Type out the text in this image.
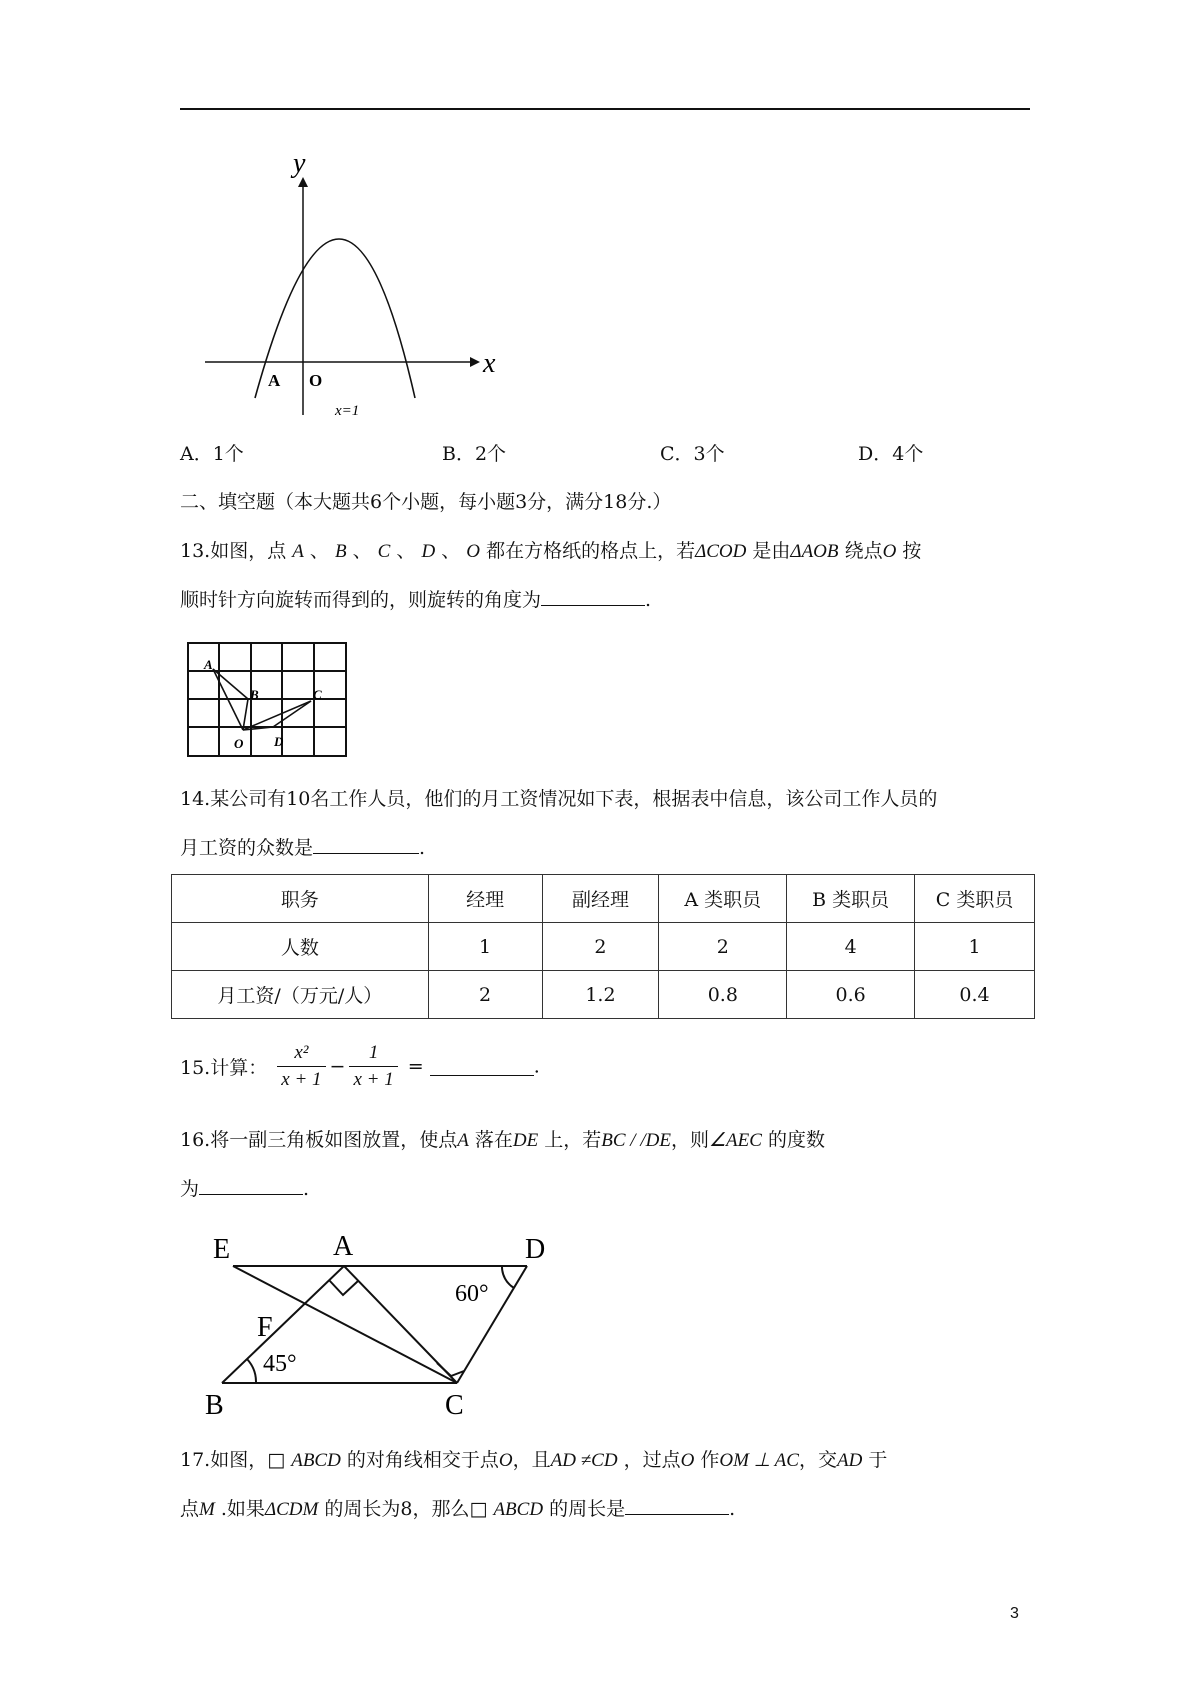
y
x
A O
x=1
A．1个	B．2个	C．3个	D．4个
二、填空题（本大题共6个小题，每小题3分，满分18分.）
13.如图，点 A 、 B 、 C 、 D 、 O 都在方格纸的格点上，若ΔCOD 是由ΔAOB 绕点O 按
顺时针方向旋转而得到的，则旋转的角度为	.
A
B	C
O D
14.某公司有10名工作人员，他们的月工资情况如下表，根据表中信息，该公司工作人员的
月工资的众数是	.
职务	经理	副经理	A 类职员	B 类职员	C 类职员
人数	1	2	2	4	1
月工资/（万元/人）	2	1.2	0.8	0.6	0.4
15.计算： $\frac{\text{x²}}{x + 1} - \frac{1}{x + 1}$ =	.
16.将一副三角板如图放置，使点A 落在DE 上，若BC / /DE，则∠AEC 的度数
为	.
E	A	D
F
B	C
60°
45°
17.如图，□ ABCD 的对角线相交于点O，且AD ≠CD ，过点O 作OM ⊥ AC，交AD 于
点M .如果ΔCDM 的周长为8，那么□ ABCD 的周长是	.
3
